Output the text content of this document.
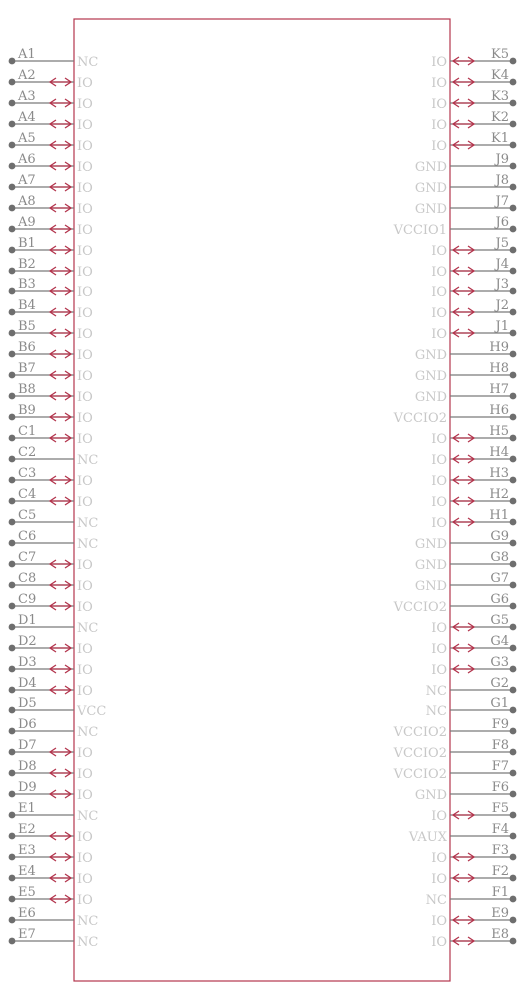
A1
NC
A2
IO
A3
IO
A4
IO
A5
IO
A6
IO
A7
IO
A8
IO
A9
IO
B1
IO
B2
IO
B3
IO
B4
IO
B5
IO
B6
IO
B7
IO
B8
IO
B9
IO
C1
IO
C2
NC
C3
IO
C4
IO
C5
NC
C6
NC
C7
IO
C8
IO
C9
IO
D1
NC
D2
IO
D3
IO
D4
IO
D5
VCC
D6
NC
D7
IO
D8
IO
D9
IO
E1
NC
E2
IO
E3
IO
E4
IO
E5
IO
E6
NC
E7
NC
K5
IO
K4
IO
K3
IO
K2
IO
K1
IO
J9
GND
J8
GND
J7
GND
J6
VCCIO1
J5
IO
J4
IO
J3
IO
J2
IO
J1
IO
H9
GND
H8
GND
H7
GND
H6
VCCIO2
H5
IO
H4
IO
H3
IO
H2
IO
H1
IO
G9
GND
G8
GND
G7
GND
G6
VCCIO2
G5
IO
G4
IO
G3
IO
G2
NC
G1
NC
F9
VCCIO2
F8
VCCIO2
F7
VCCIO2
F6
GND
F5
IO
F4
VAUX
F3
IO
F2
IO
F1
NC
E9
IO
E8
IO
